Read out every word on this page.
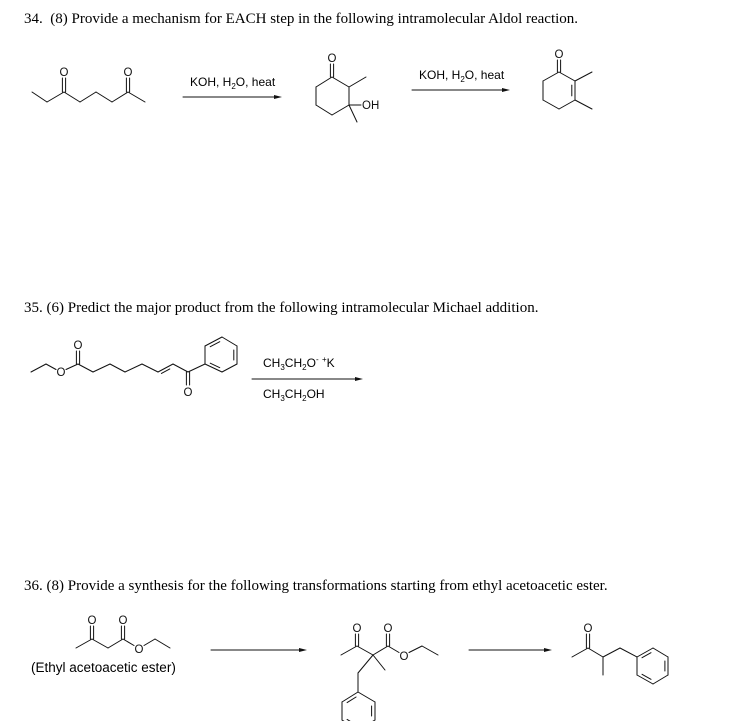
34.  (8) Provide a mechanism for EACH step in the following intramolecular Aldol reaction.
35. (6) Predict the major product from the following intramolecular Michael addition.
36. (8) Provide a synthesis for the following transformations starting from ethyl acetoacetic ester.
KOH, $H_2O$, heat	KOH, $H_2O$, heat
$CH_3CH_2O^-$ +K
$CH_3CH_2OH$
(Ethyl acetoacetic ester)
O	O
O
OH
O
O
O
O
O O
O
O O
O
O
